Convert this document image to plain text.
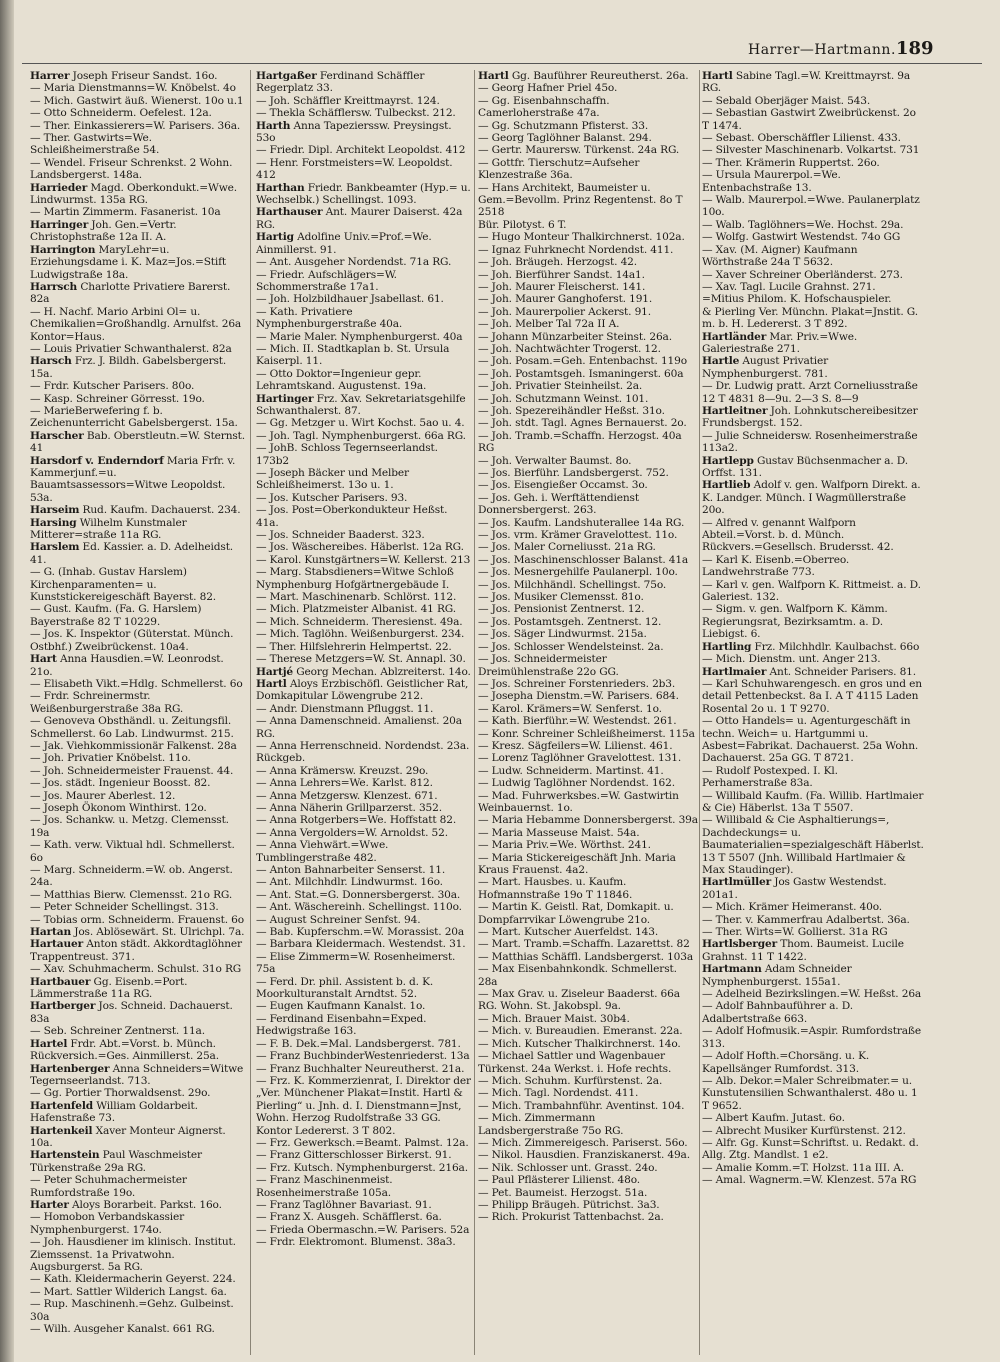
Harrer—Hartmann. 189

Harrer Joseph Friseur Sandst. 16o.

— Maria Dienstmanns=W. Knöbelst. 4o

— Mich. Gastwirt äuß. Wienerst. 10o u.1

— Otto Schneiderm. Oefelest. 12a.

— Ther. Einkassierers=W. Parisers. 36a.

— Ther. Gastwirts=We. Schleißheimerstraße 54.

— Wendel. Friseur Schrenkst. 2 Wohn. Landsbergerst. 148a.

Harrieder Magd. Oberkondukt.=Wwe. Lindwurmst. 135a RG.

— Martin Zimmerm. Fasanerist. 10a

Harringer Joh. Gen.=Vertr. Christophstraße 12a II. A.

Harrington MaryLehr=u. Erziehungsdame i. K. Maz=Jos.=Stift Ludwigstraße 18a.

Harrsch Charlotte Privatiere Barerst. 82a

— H. Nachf. Mario Arbini Ol= u. Chemikalien=Großhandlg. Arnulfst. 26a Kontor=Haus.

— Louis Privatier Schwanthalerst. 82a

Harsch Frz. J. Bildh. Gabelsbergerst. 15a.

— Frdr. Kutscher Parisers. 80o.

— Kasp. Schreiner Görresst. 19o.

— MarieBerwefering f. b. Zeichenunterricht Gabelsbergerst. 15a.

Harscher Bab. Oberstleutn.=W. Sternst. 41

Harsdorf v. Enderndorf Maria Frfr. v. Kammerjunf.=u. Bauamtsassessors=Witwe Leopoldst. 53a.

Harseim Rud. Kaufm. Dachauerst. 234.

Harsing Wilhelm Kunstmaler Mitterer=straße 11a RG.

Harslem Ed. Kassier. a. D. Adelheidst. 41.

— G. (Inhab. Gustav Harslem) Kirchenparamenten= u. Kunststickereigeschäft Bayerst. 82.

— Gust. Kaufm. (Fa. G. Harslem) Bayerstraße 82 T 10229.

— Jos. K. Inspektor (Güterstat. Münch. Ostbhf.) Zweibrückenst. 10a4.

Hart Anna Hausdien.=W. Leonrodst. 21o.

— Elisabeth Vikt.=Hdlg. Schmellerst. 6o

— Frdr. Schreinermstr. Weißenburgerstraße 38a RG.

— Genoveva Obsthändl. u. Zeitungsfil. Schmellerst. 6o Lab. Lindwurmst. 215.

— Jak. Viehkommissionär Falkenst. 28a

— Joh. Privatier Knöbelst. 11o.

— Joh. Schneidermeister Frauenst. 44.

— Jos. städt. Ingenieur Boosst. 82.

— Jos. Maurer Aberlest. 12.

— Joseph Ökonom Winthirst. 12o.

— Jos. Schankw. u. Metzg. Clemensst. 19a

— Kath. verw. Viktual hdl. Schmellerst. 6o

— Marg. Schneiderm.=W. ob. Angerst. 24a.

— Matthias Bierw. Clemensst. 21o RG.

— Peter Schneider Schellingst. 313.

— Tobias orm. Schneiderm. Frauenst. 6o

Hartan Jos. Ablösewärt. St. Ulrichpl. 7a.

Hartauer Anton städt. Akkordtaglöhner Trappentreust. 371.

— Xav. Schuhmacherm. Schulst. 31o RG

Hartbauer Gg. Eisenb.=Port. Lämmerstraße 11a RG.

Hartberger Jos. Schneid. Dachauerst. 83a

— Seb. Schreiner Zentnerst. 11a.

Hartel Frdr. Abt.=Vorst. b. Münch. Rückversich.=Ges. Ainmillerst. 25a.

Hartenberger Anna Schneiders=Witwe Tegernseerlandst. 713.

— Gg. Portier Thorwaldsenst. 29o.

Hartenfeld William Goldarbeit. Hafenstraße 73.

Hartenkeil Xaver Monteur Aignerst. 10a.

Hartenstein Paul Waschmeister Türkenstraße 29a RG.

— Peter Schuhmachermeister Rumfordstraße 19o.

Harter Aloys Borarbeit. Parkst. 16o.

— Homobon Verbandskassier Nymphenburgerst. 174o.

— Joh. Hausdiener im klinisch. Institut. Ziemssenst. 1a Privatwohn. Augsburgerst. 5a RG.

— Kath. Kleidermacherin Geyerst. 224.

— Mart. Sattler Wilderich Langst. 6a.

— Rup. Maschinenh.=Gehz. Gulbeinst. 30a

— Wilh. Ausgeher Kanalst. 661 RG.

Hartgaßer Ferdinand Schäffler Regerplatz 33.

— Joh. Schäffler Kreittmayrst. 124.

— Thekla Schäfflersw. Tulbeckst. 212.

Harth Anna Tapezierssw. Preysingst. 53o

— Friedr. Dipl. Architekt Leopoldst. 412

— Henr. Forstmeisters=W. Leopoldst. 412

Harthan Friedr. Bankbeamter (Hyp.= u. Wechselbk.) Schellingst. 1093.

Harthauser Ant. Maurer Daiserst. 42a RG.

Hartig Adolfine Univ.=Prof.=We. Ainmillerst. 91.

— Ant. Ausgeher Nordendst. 71a RG.

— Friedr. Aufschlägers=W. Schommerstraße 17a1.

— Joh. Holzbildhauer Jsabellast. 61.

— Kath. Privatiere Nymphenburgerstraße 40a.

— Marie Maler. Nymphenburgerst. 40a

— Mich. II. Stadtkaplan b. St. Ursula Kaiserpl. 11.

— Otto Doktor=Ingenieur gepr. Lehramtskand. Augustenst. 19a.

Hartinger Frz. Xav. Sekretariatsgehilfe Schwanthalerst. 87.

— Gg. Metzger u. Wirt Kochst. 5ao u. 4.

— Joh. Tagl. Nymphenburgerst. 66a RG.

— JohB. Schloss Tegernseerlandst. 173b2

— Joseph Bäcker und Melber Schleißheimerst. 13o u. 1.

— Jos. Kutscher Parisers. 93.

— Jos. Post=Oberkondukteur Heßst. 41a.

— Jos. Schneider Baaderst. 323.

— Jos. Wäschereibes. Häberlst. 12a RG.

— Karol. Kunstgärtners=W. Kellerst. 213

— Marg. Stabsdieners=Witwe Schloß Nymphenburg Hofgärtnergebäude I.

— Mart. Maschinenarb. Schlörst. 112.

— Mich. Platzmeister Albanist. 41 RG.

— Mich. Schneiderm. Theresienst. 49a.

— Mich. Taglöhn. Weißenburgerst. 234.

— Ther. Hilfslehrerin Helmpertst. 22.

— Therese Metzgers=W. St. Annapl. 30.

Hartjé Georg Mechan. Ablzreiterst. 14o.

Hartl Aloys Erzbischöfl. Geistlicher Rat, Domkapitular Löwengrube 212.

— Andr. Dienstmann Pfluggst. 11.

— Anna Damenschneid. Amalienst. 20a RG.

— Anna Herrenschneid. Nordendst. 23a. Rückgeb.

— Anna Krämersw. Kreuzst. 29o.

— Anna Lehrers=We. Karlst. 812.

— Anna Metzgersw. Klenzest. 671.

— Anna Näherin Grillparzerst. 352.

— Anna Rotgerbers=We. Hoffstatt 82.

— Anna Vergolders=W. Arnoldst. 52.

— Anna Viehwärt.=Wwe. Tumblingerstraße 482.

— Anton Bahnarbeiter Senserst. 11.

— Ant. Milchhdlr. Lindwurmst. 16o.

— Ant. Stat.=G. Donnersbergerst. 30a.

— Ant. Wäschereinh. Schellingst. 110o.

— August Schreiner Senfst. 94.

— Bab. Kupferschm.=W. Morassist. 20a

— Barbara Kleidermach. Westendst. 31.

— Elise Zimmerm=W. Rosenheimerst. 75a

— Ferd. Dr. phil. Assistent b. d. K. Moorkulturanstalt Arndtst. 52.

— Eugen Kaufmann Kanalst. 1o.

— Ferdinand Eisenbahn=Exped. Hedwigstraße 163.

— F. B. Dek.=Mal. Landsbergerst. 781.

— Franz BuchbinderWestenriederst. 13a

— Franz Buchhalter Neureutherst. 21a.

— Frz. K. Kommerzienrat, I. Direktor der „Ver. Münchener Plakat=Instit. Hartl & Pierling“ u. Jnh. d. I. Dienstmann=Jnst, Wohn. Herzog Rudolfstraße 33 GG. Kontor Ledererst. 3 T 802.

— Frz. Gewerksch.=Beamt. Palmst. 12a.

— Franz Gitterschlosser Birkerst. 91.

— Frz. Kutsch. Nymphenburgerst. 216a.

— Franz Maschinenmeist. Rosenheimerstraße 105a.

— Franz Taglöhner Bavariast. 91.

— Franz X. Ausgeh. Schäfflerst. 6a.

— Frieda Obermaschn.=W. Parisers. 52a

— Frdr. Elektromont. Blumenst. 38a3.

Hartl Gg. Bauführer Reureutherst. 26a.

— Georg Hafner Priel 45o.

— Gg. Eisenbahnschaffn. Camerloherstraße 47a.

— Gg. Schutzmann Pfisterst. 33.

— Georg Taglöhner Balanst. 294.

— Gertr. Maurersw. Türkenst. 24a RG.

— Gottfr. Tierschutz=Aufseher Klenzestraße 36a.

— Hans Architekt, Baumeister u. Gem.=Bevollm. Prinz Regentenst. 8o T 2518

Bür. Pilotyst. 6 T.

— Hugo Monteur Thalkirchnerst. 102a.

— Ignaz Fuhrknecht Nordendst. 411.

— Joh. Bräugeh. Herzogst. 42.

— Joh. Bierführer Sandst. 14a1.

— Joh. Maurer Fleischerst. 141.

— Joh. Maurer Ganghoferst. 191.

— Joh. Maurerpolier Ackerst. 91.

— Joh. Melber Tal 72a II A.

— Johann Münzarbeiter Steinst. 26a.

— Joh. Nachtwächter Trogerst. 12.

— Joh. Posam.=Geh. Entenbachst. 119o

— Joh. Postamtsgeh. Ismaningerst. 60a

— Joh. Privatier Steinheilst. 2a.

— Joh. Schutzmann Weinst. 101.

— Joh. Spezereihändler Heßst. 31o.

— Joh. stdt. Tagl. Agnes Bernauerst. 2o.

— Joh. Tramb.=Schaffn. Herzogst. 40a RG

— Joh. Verwalter Baumst. 8o.

— Jos. Bierführ. Landsbergerst. 752.

— Jos. Eisengießer Occamst. 3o.

— Jos. Geh. i. Werftättendienst Donnersbergerst. 263.

— Jos. Kaufm. Landshuterallee 14a RG.

— Jos. vrm. Krämer Gravelottest. 11o.

— Jos. Maler Corneliusst. 21a RG.

— Jos. Maschinenschlosser Balanst. 41a

— Jos. Mesnergehilfe Paulanerpl. 10o.

— Jos. Milchhändl. Schellingst. 75o.

— Jos. Musiker Clemensst. 81o.

— Jos. Pensionist Zentnerst. 12.

— Jos. Postamtsgeh. Zentnerst. 12.

— Jos. Säger Lindwurmst. 215a.

— Jos. Schlosser Wendelsteinst. 2a.

— Jos. Schneidermeister Dreimühlenstraße 22o GG.

— Jos. Schreiner Forstenrieders. 2b3.

— Josepha Dienstm.=W. Parisers. 684.

— Karol. Krämers=W. Senferst. 1o.

— Kath. Bierführ.=W. Westendst. 261.

— Konr. Schreiner Schleißheimerst. 115a

— Kresz. Sägfeilers=W. Lilienst. 461.

— Lorenz Taglöhner Gravelottest. 131.

— Ludw. Schneiderm. Martinst. 41.

— Ludwig Taglöhner Nordendst. 162.

— Mad. Fuhrwerksbes.=W. Gastwirtin Weinbauernst. 1o.

— Maria Hebamme Donnersbergerst. 39a

— Maria Masseuse Maist. 54a.

— Maria Priv.=We. Wörthst. 241.

— Maria Stickereigeschäft Jnh. Maria Kraus Frauenst. 4a2.

— Mart. Hausbes. u. Kaufm. Hofmannstraße 19o T 11846.

— Martin K. Geistl. Rat, Domkapit. u. Dompfarrvikar Löwengrube 21o.

— Mart. Kutscher Auerfeldst. 143.

— Mart. Tramb.=Schaffn. Lazarettst. 82

— Matthias Schäffl. Landsbergerst. 103a

— Max Eisenbahnkondk. Schmellerst. 28a

— Max Grav. u. Ziseleur Baaderst. 66a RG. Wohn. St. Jakobspl. 9a.

— Mich. Brauer Maist. 30b4.

— Mich. v. Bureaudien. Emeranst. 22a.

— Mich. Kutscher Thalkirchnerst. 14o.

— Michael Sattler und Wagenbauer Türkenst. 24a Werkst. i. Hofe rechts.

— Mich. Schuhm. Kurfürstenst. 2a.

— Mich. Tagl. Nordendst. 411.

— Mich. Trambahnführ. Aventinst. 104.

— Mich. Zimmermann Landsbergerstraße 75o RG.

— Mich. Zimmereigesch. Pariserst. 56o.

— Nikol. Hausdien. Franziskanerst. 49a.

— Nik. Schlosser unt. Grasst. 24o.

— Paul Pflästerer Lilienst. 48o.

— Pet. Baumeist. Herzogst. 51a.

— Philipp Bräugeh. Pütrichst. 3a3.

— Rich. Prokurist Tattenbachst. 2a.

Hartl Sabine Tagl.=W. Kreittmayrst. 9a RG.

— Sebald Oberjäger Maist. 543.

— Sebastian Gastwirt Zweibrückenst. 2o T 1474.

— Sebast. Oberschäffler Lilienst. 433.

— Silvester Maschinenarb. Volkartst. 731

— Ther. Krämerin Ruppertst. 26o.

— Ursula Maurerpol.=We. Entenbachstraße 13.

— Walb. Maurerpol.=Wwe. Paulanerplatz 10o.

— Walb. Taglöhners=We. Hochst. 29a.

— Wolfg. Gastwirt Westendst. 74o GG

— Xav. (M. Aigner) Kaufmann Wörthstraße 24a T 5632.

— Xaver Schreiner Oberländerst. 273.

— Xav. Tagl. Lucile Grahnst. 271.

=Mitius Philom. K. Hofschauspieler.

& Pierling Ver. Münchn. Plakat=Jnstit. G. m. b. H. Ledererst. 3 T 892.

Hartländer Mar. Priv.=Wwe. Galeriestraße 271.

Hartle August Privatier Nymphenburgerst. 781.

— Dr. Ludwig pratt. Arzt Corneliusstraße 12 T 4831 8—9u. 2—3 S. 8—9

Hartleitner Joh. Lohnkutschereibesitzer Frundsbergst. 152.

— Julie Schneidersw. Rosenheimerstraße 113a2.

Hartlepp Gustav Büchsenmacher a. D. Orffst. 131.

Hartlieb Adolf v. gen. Walfporn Direkt. a. K. Landger. Münch. I Wagmüllerstraße 20o.

— Alfred v. genannt Walfporn Abteil.=Vorst. b. d. Münch. Rückvers.=Gesellsch. Brudersst. 42.

— Karl K. Eisenb.=Oberreo. Landwehrstraße 773.

— Karl v. gen. Walfporn K. Rittmeist. a. D. Galeriest. 132.

— Sigm. v. gen. Walfporn K. Kämm. Regierungsrat, Bezirksamtm. a. D. Liebigst. 6.

Hartling Frz. Milchhdlr. Kaulbachst. 66o

— Mich. Dienstm. unt. Anger 213.

Hartlmaier Ant. Schneider Parisers. 81.

— Karl Schuhwarengesch. en gros und en detail Pettenbeckst. 8a I. A T 4115 Laden Rosental 2o u. 1 T 9270.

— Otto Handels= u. Agenturgeschäft in techn. Weich= u. Hartgummi u. Asbest=Fabrikat. Dachauerst. 25a Wohn. Dachauerst. 25a GG. T 8721.

— Rudolf Postexped. I. Kl. Perhamerstraße 83a.

— Willibald Kaufm. (Fa. Willib. Hartlmaier & Cie) Häberlst. 13a T 5507.

— Willibald & Cie Asphaltierungs=, Dachdeckungs= u. Baumaterialien=spezialgeschäft Häberlst. 13 T 5507 (Jnh. Willibald Hartlmaier & Max Staudinger).

Hartlmüller Jos Gastw Westendst. 201a1.

— Mich. Krämer Heimeranst. 40o.

— Ther. v. Kammerfrau Adalbertst. 36a.

— Ther. Wirts=W. Gollierst. 31a RG

Hartlsberger Thom. Baumeist. Lucile Grahnst. 11 T 1422.

Hartmann Adam Schneider Nymphenburgerst. 155a1.

— Adelheid Bezirkslingen.=W. Heßst. 26a

— Adolf Bahnbauführer a. D. Adalbertstraße 663.

— Adolf Hofmusik.=Aspir. Rumfordstraße 313.

— Adolf Hofth.=Chorsäng. u. K. Kapellsänger Rumfordst. 313.

— Alb. Dekor.=Maler Schreibmater.= u. Kunstutensilien Schwanthalerst. 48o u. 1 T 9652.

— Albert Kaufm. Jutast. 6o.

— Albrecht Musiker Kurfürstenst. 212.

— Alfr. Gg. Kunst=Schriftst. u. Redakt. d. Allg. Ztg. Mandlst. 1 e2.

— Amalie Komm.=T. Holzst. 11a III. A.

— Amal. Wagnerm.=W. Klenzest. 57a RG
